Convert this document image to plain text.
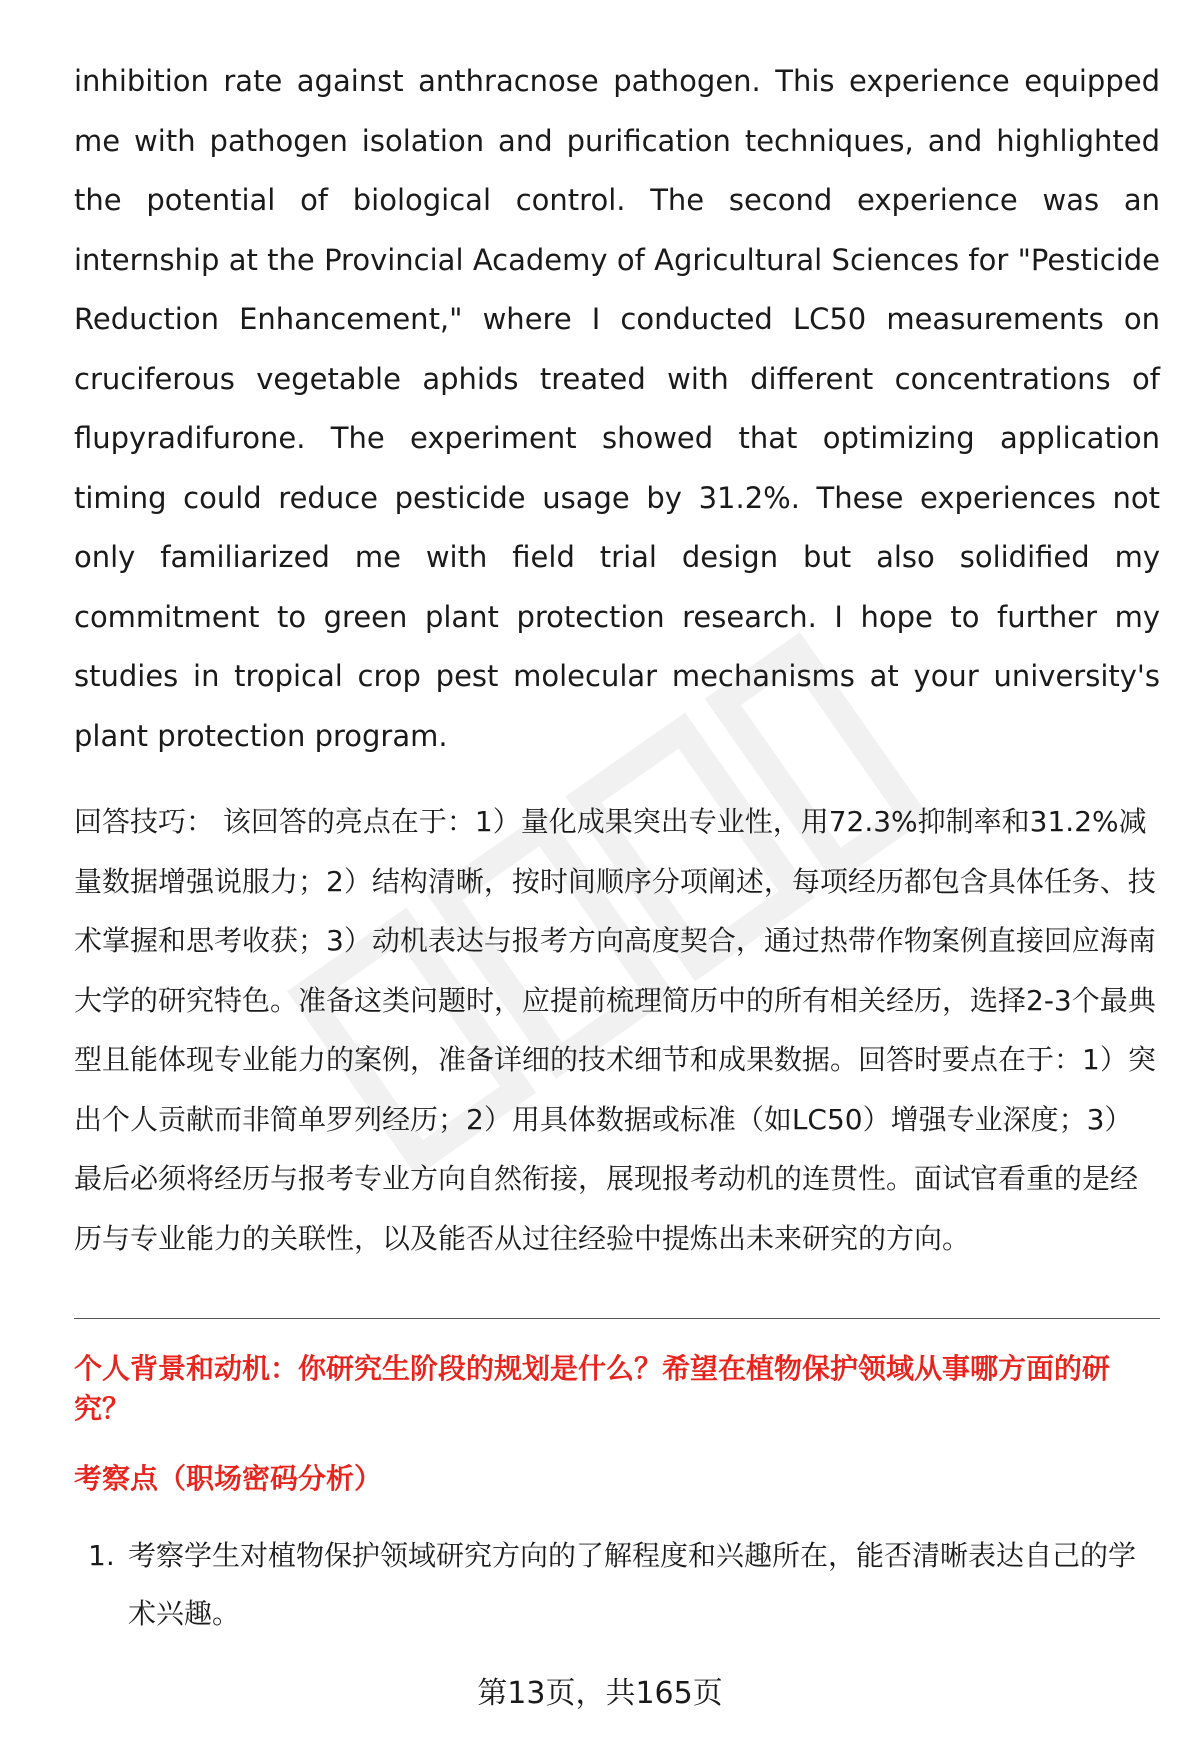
inhibition rate against anthracnose pathogen. This experience equipped me with pathogen isolation and purification techniques, and highlighted the potential of biological control. The second experience was an internship at the Provincial Academy of Agricultural Sciences for "Pesticide Reduction Enhancement," where I conducted LC50 measurements on cruciferous vegetable aphids treated with different concentrations of flupyradifurone. The experiment showed that optimizing application timing could reduce pesticide usage by 31.2%. These experiences not only familiarized me with field trial design but also solidified my commitment to green plant protection research. I hope to further my studies in tropical crop pest molecular mechanisms at your university's plant protection program.

回答技巧： 该回答的亮点在于：1）量化成果突出专业性，用72.3%抑制率和31.2%减量数据增强说服力；2）结构清晰，按时间顺序分项阐述，每项经历都包含具体任务、技术掌握和思考收获；3）动机表达与报考方向高度契合，通过热带作物案例直接回应海南大学的研究特色。准备这类问题时，应提前梳理简历中的所有相关经历，选择2-3个最典型且能体现专业能力的案例，准备详细的技术细节和成果数据。回答时要点在于：1）突出个人贡献而非简单罗列经历；2）用具体数据或标准（如LC50）增强专业深度；3）最后必须将经历与报考专业方向自然衔接，展现报考动机的连贯性。面试官看重的是经历与专业能力的关联性，以及能否从过往经验中提炼出未来研究的方向。

个人背景和动机：你研究生阶段的规划是什么？希望在植物保护领域从事哪方面的研究？
考察点（职场密码分析）
1. 考察学生对植物保护领域研究方向的了解程度和兴趣所在，能否清晰表达自己的学术兴趣。
第13页，共165页
